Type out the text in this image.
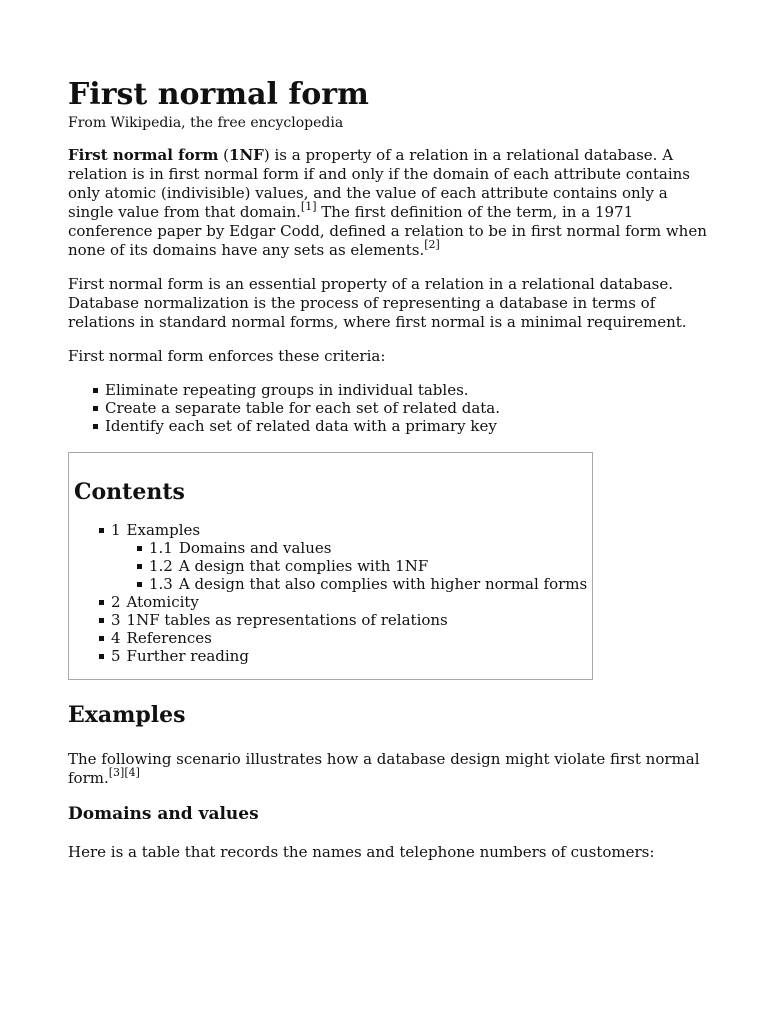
First normal form
From Wikipedia, the free encyclopedia

First normal form (1NF) is a property of a relation in a relational database. A relation is in first normal form if and only if the domain of each attribute contains only atomic (indivisible) values, and the value of each attribute contains only a single value from that domain.[1] The first definition of the term, in a 1971 conference paper by Edgar Codd, defined a relation to be in first normal form when none of its domains have any sets as elements.[2]

First normal form is an essential property of a relation in a relational database. Database normalization is the process of representing a database in terms of relations in standard normal forms, where first normal is a minimal requirement.

First normal form enforces these criteria:

Eliminate repeating groups in individual tables.
Create a separate table for each set of related data.
Identify each set of related data with a primary key
Contents
1 Examples
1.1 Domains and values
1.2 A design that complies with 1NF
1.3 A design that also complies with higher normal forms
2 Atomicity
3 1NF tables as representations of relations
4 References
5 Further reading
Examples

The following scenario illustrates how a database design might violate first normal form.[3][4]

Domains and values

Here is a table that records the names and telephone numbers of customers:
